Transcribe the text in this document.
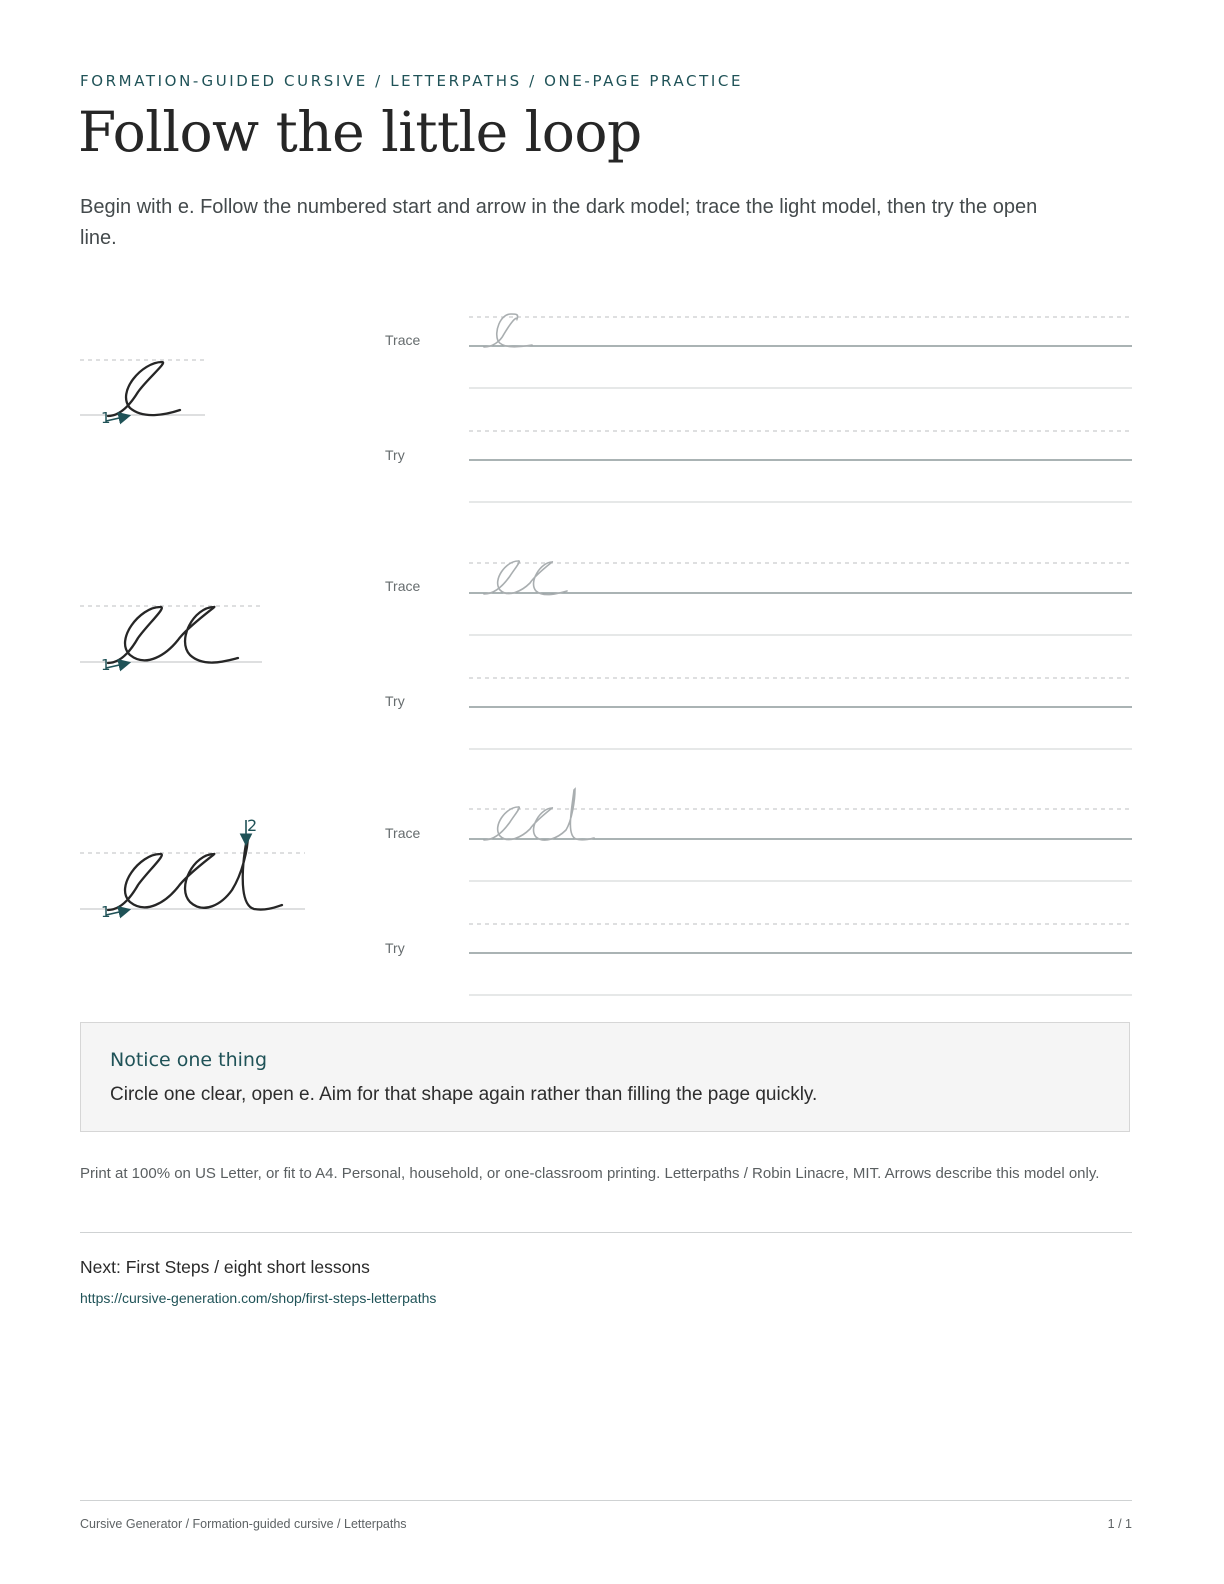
FORMATION-GUIDED CURSIVE / LETTERPATHS / ONE-PAGE PRACTICE
Follow the little loop

Begin with e. Follow the numbered start and arrow in the dark model; trace the light model, then try the open line.

Trace
Try
Trace
Try
Trace
Try
1
1
1
2
Notice one thing
Circle one clear, open e. Aim for that shape again rather than filling the page quickly.

Print at 100% on US Letter, or fit to A4. Personal, household, or one-classroom printing. Letterpaths / Robin Linacre, MIT. Arrows describe this model only.

Next: First Steps / eight short lessons
https://cursive-generation.com/shop/first-steps-letterpaths
Cursive Generator / Formation-guided cursive / Letterpaths	1 / 1
